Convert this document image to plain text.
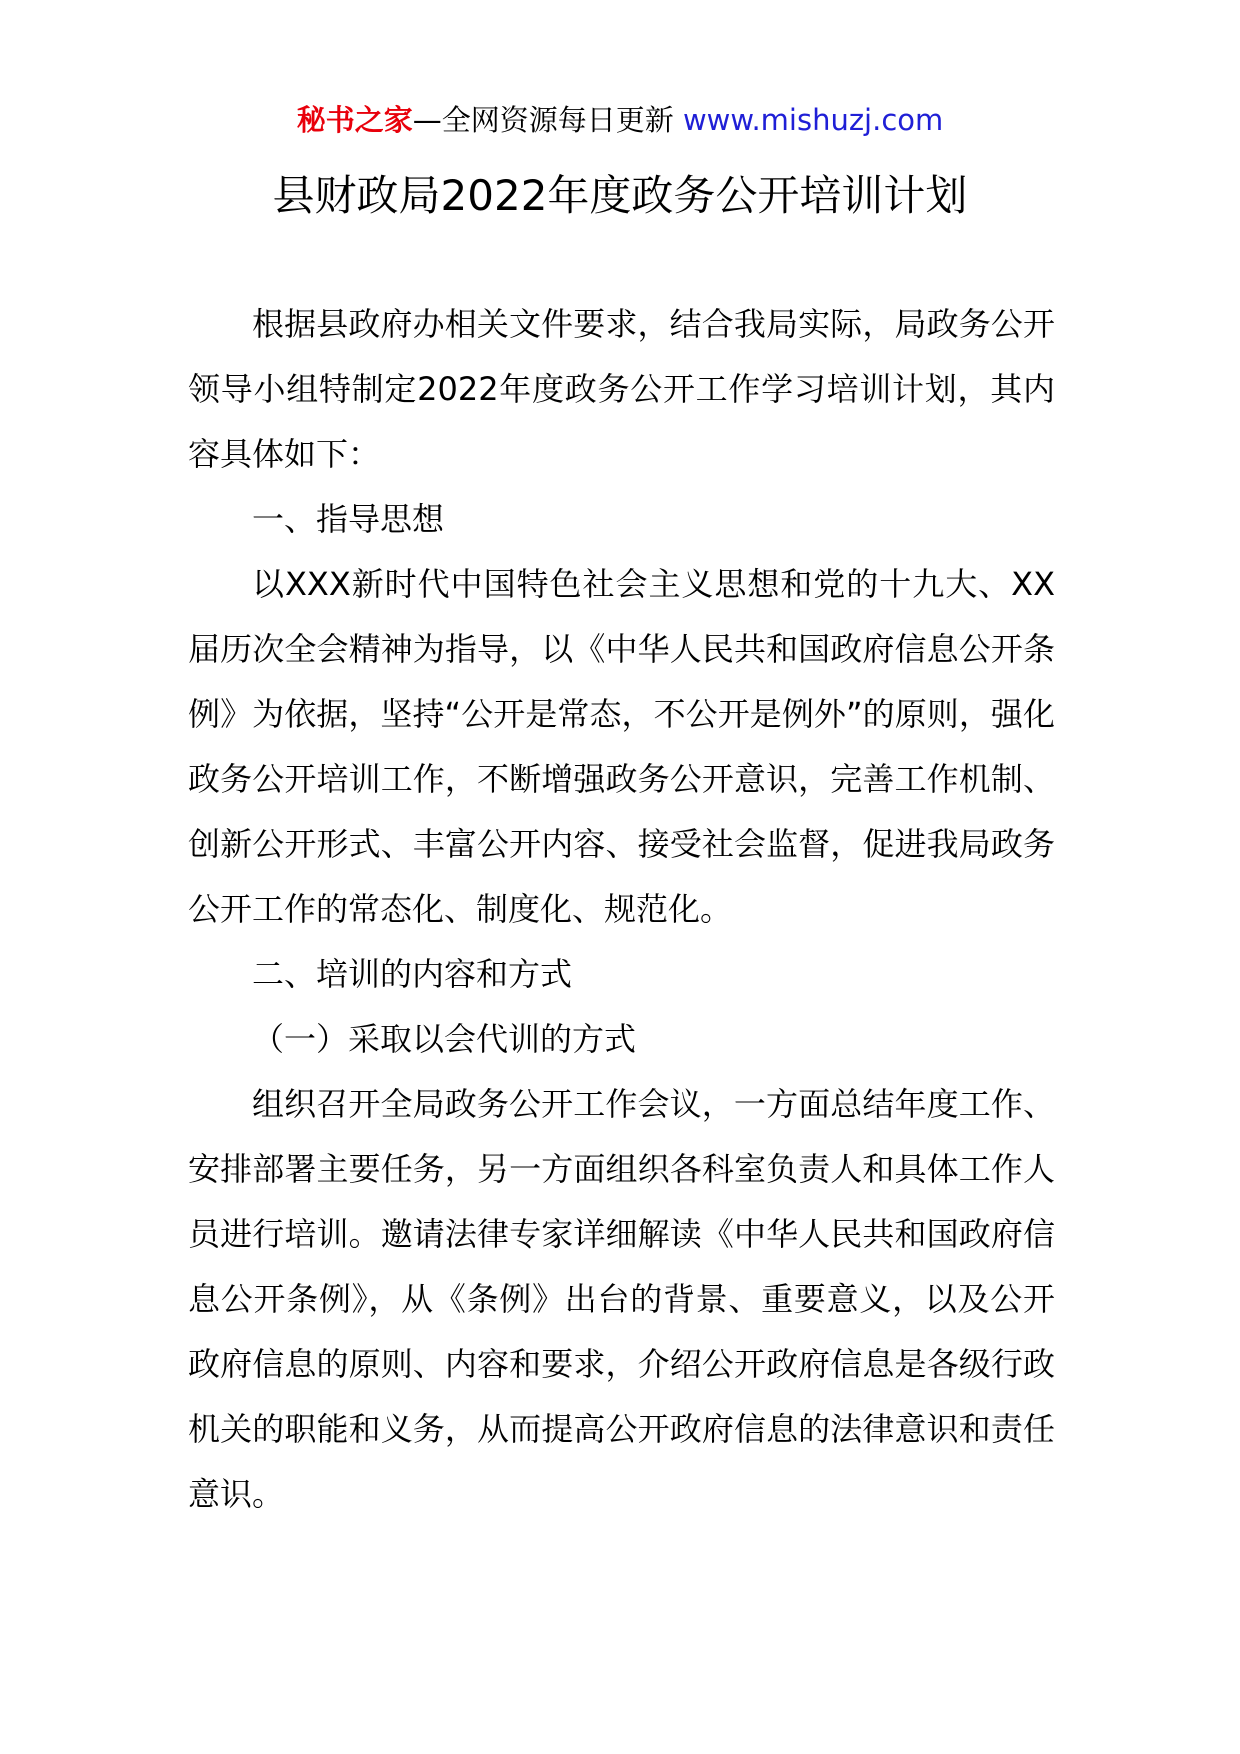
秘书之家—全网资源每日更新 www.mishuzj.com
县财政局2022年度政务公开培训计划

根据县政府办相关文件要求，结合我局实际，局政务公开领导小组特制定2022年度政务公开工作学习培训计划，其内容具体如下：

一、指导思想

以XXX新时代中国特色社会主义思想和党的十九大、XX届历次全会精神为指导，以《中华人民共和国政府信息公开条例》为依据，坚持“公开是常态，不公开是例外”的原则，强化政务公开培训工作，不断增强政务公开意识，完善工作机制、创新公开形式、丰富公开内容、接受社会监督，促进我局政务公开工作的常态化、制度化、规范化。

二、培训的内容和方式

（一）采取以会代训的方式

组织召开全局政务公开工作会议，一方面总结年度工作、安排部署主要任务，另一方面组织各科室负责人和具体工作人员进行培训。邀请法律专家详细解读《中华人民共和国政府信息公开条例》，从《条例》出台的背景、重要意义，以及公开政府信息的原则、内容和要求，介绍公开政府信息是各级行政机关的职能和义务，从而提高公开政府信息的法律意识和责任意识。
